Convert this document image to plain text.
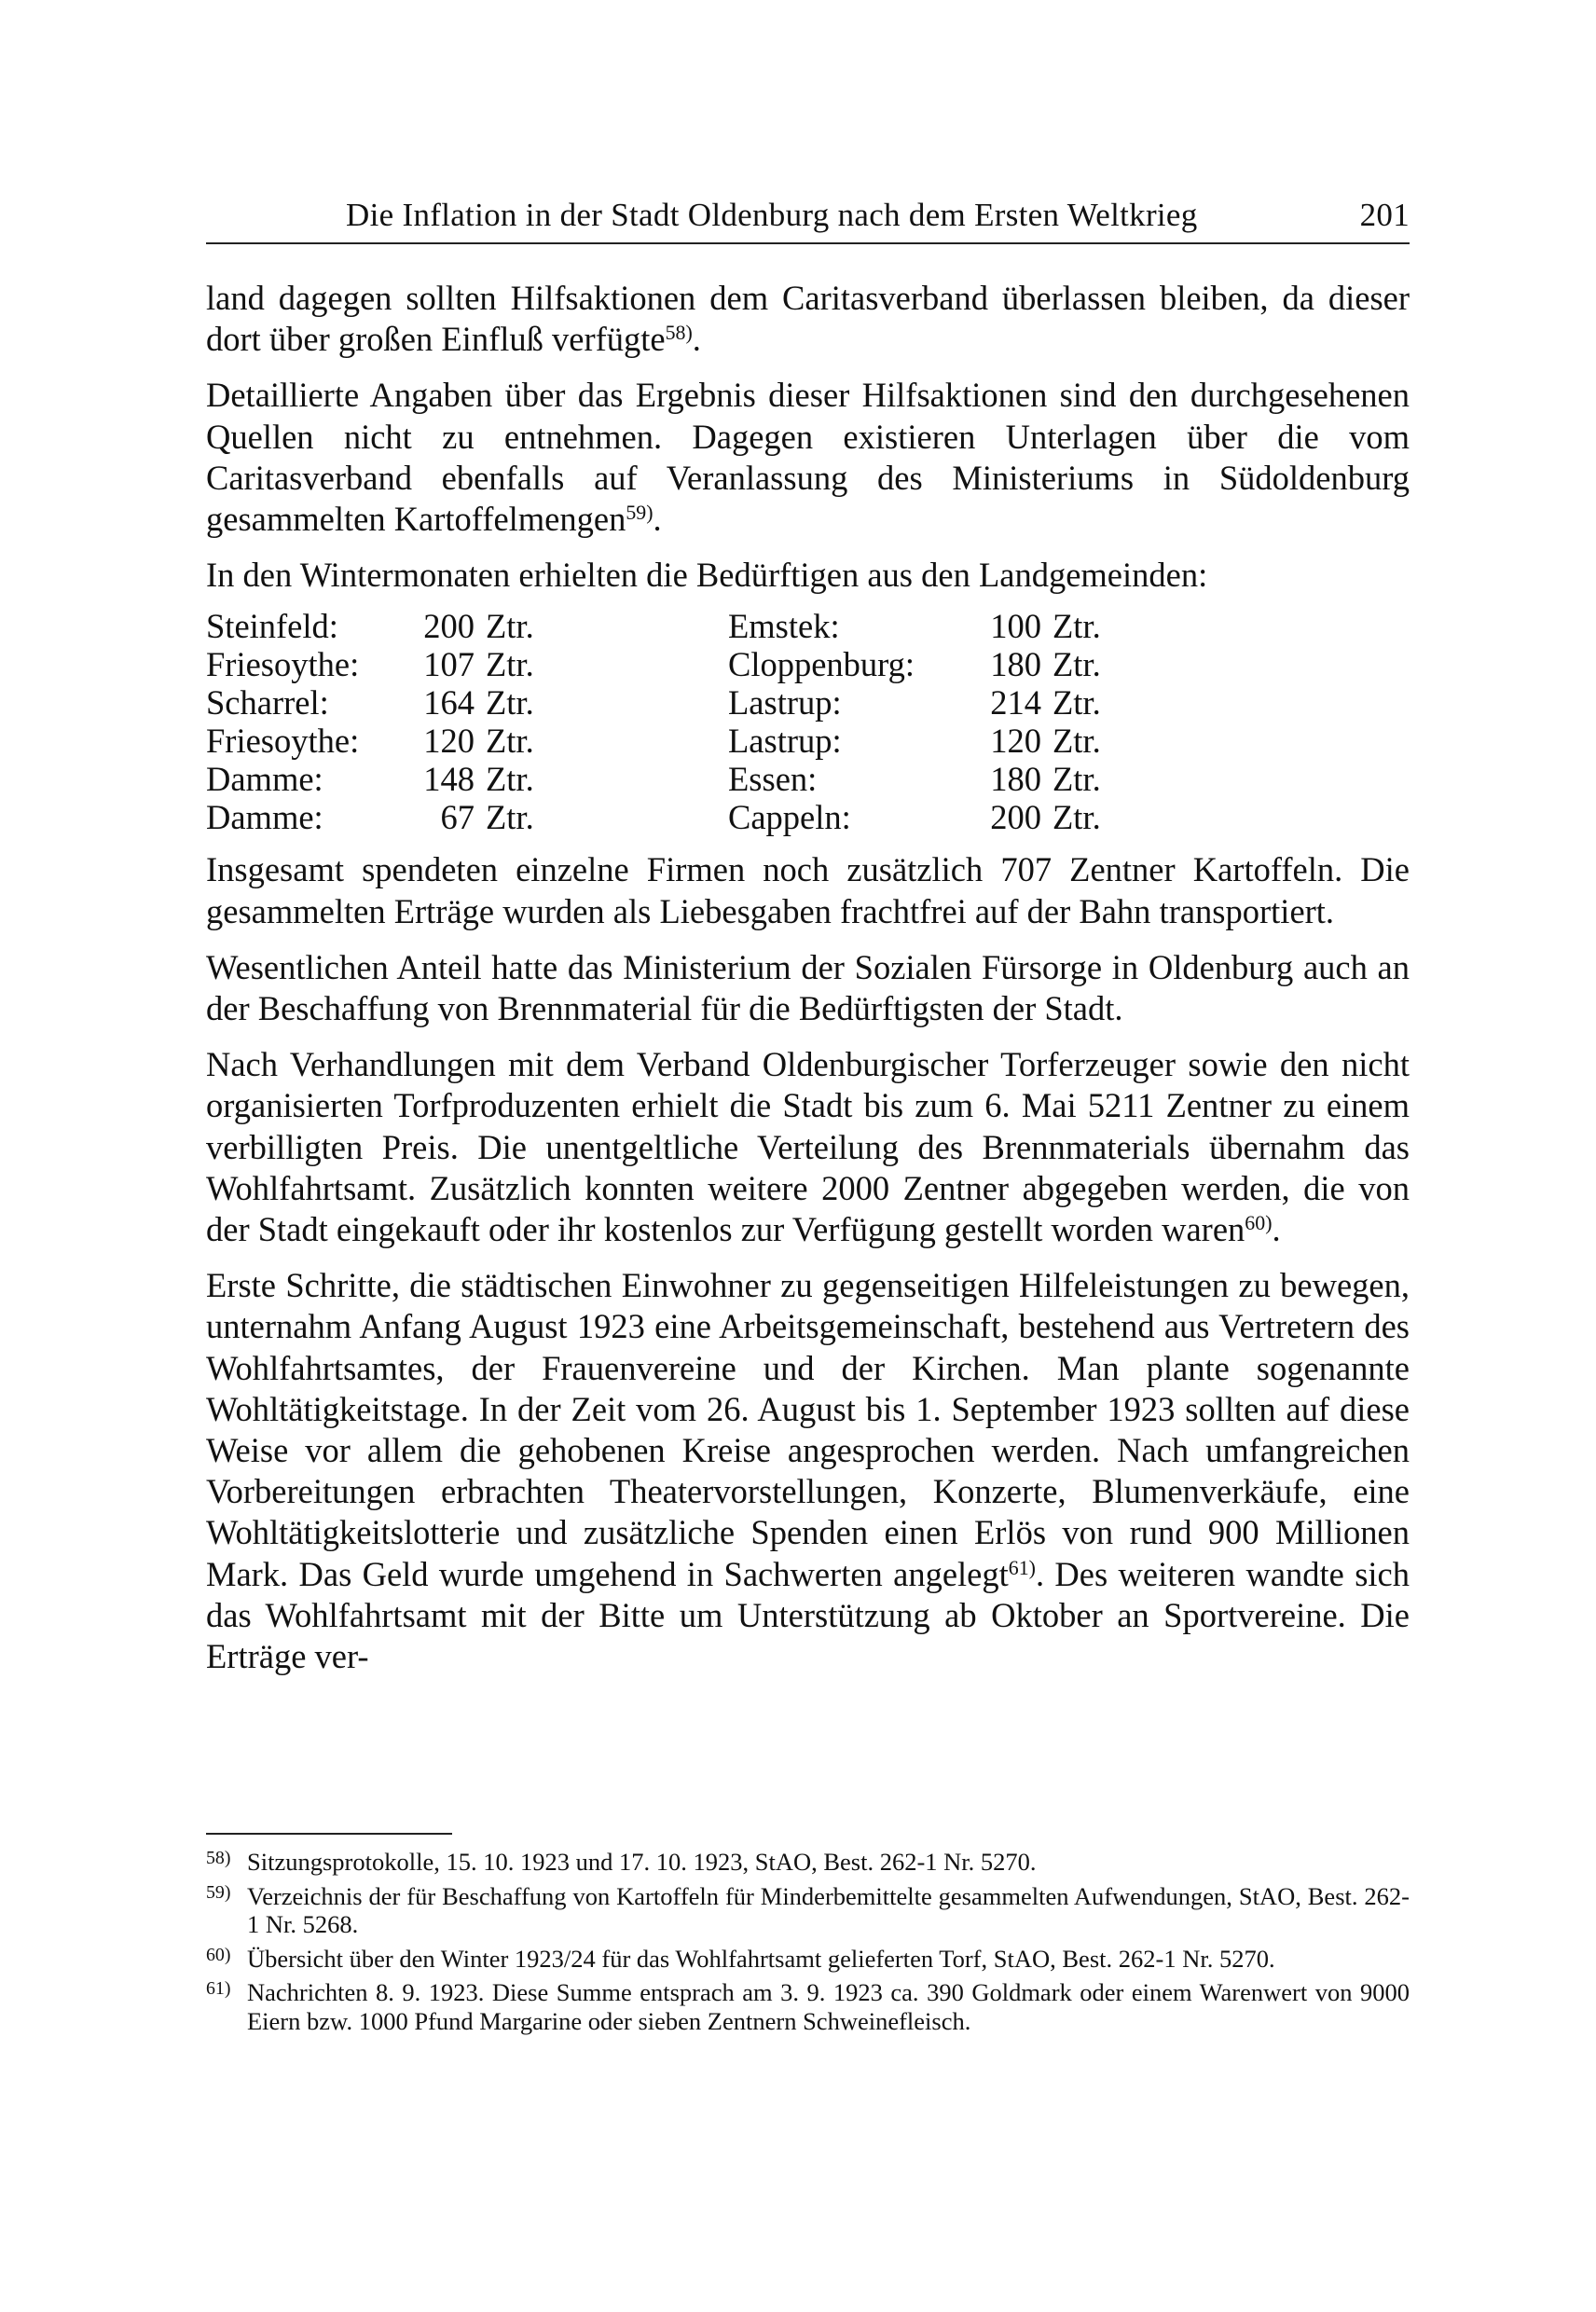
Die Inflation in der Stadt Oldenburg nach dem Ersten Weltkrieg	201

land dagegen sollten Hilfsaktionen dem Caritasverband überlassen bleiben, da dieser dort über großen Einfluß verfügte$^{58)}$.

Detaillierte Angaben über das Ergebnis dieser Hilfsaktionen sind den durchgesehenen Quellen nicht zu entnehmen. Dagegen existieren Unterlagen über die vom Caritasverband ebenfalls auf Veranlassung des Ministeriums in Südoldenburg gesammelten Kartoffelmengen$^{59)}$.

In den Wintermonaten erhielten die Bedürftigen aus den Landgemeinden:

Steinfeld:	200 Ztr.	Emstek:	100 Ztr.
Friesoythe:	107 Ztr.	Cloppenburg:	180 Ztr.
Scharrel:	164 Ztr.	Lastrup:	214 Ztr.
Friesoythe:	120 Ztr.	Lastrup:	120 Ztr.
Damme:	148 Ztr.	Essen:	180 Ztr.
Damme:	67 Ztr.	Cappeln:	200 Ztr.

Insgesamt spendeten einzelne Firmen noch zusätzlich 707 Zentner Kartoffeln. Die gesammelten Erträge wurden als Liebesgaben frachtfrei auf der Bahn transportiert.

Wesentlichen Anteil hatte das Ministerium der Sozialen Fürsorge in Oldenburg auch an der Beschaffung von Brennmaterial für die Bedürftigsten der Stadt.

Nach Verhandlungen mit dem Verband Oldenburgischer Torferzeuger sowie den nicht organisierten Torfproduzenten erhielt die Stadt bis zum 6. Mai 5211 Zentner zu einem verbilligten Preis. Die unentgeltliche Verteilung des Brennmaterials übernahm das Wohlfahrtsamt. Zusätzlich konnten weitere 2000 Zentner abgegeben werden, die von der Stadt eingekauft oder ihr kostenlos zur Verfügung gestellt worden waren$^{60)}$.

Erste Schritte, die städtischen Einwohner zu gegenseitigen Hilfeleistungen zu bewegen, unternahm Anfang August 1923 eine Arbeitsgemeinschaft, bestehend aus Vertretern des Wohlfahrtsamtes, der Frauenvereine und der Kirchen. Man plante sogenannte Wohltätigkeitstage. In der Zeit vom 26. August bis 1. September 1923 sollten auf diese Weise vor allem die gehobenen Kreise angesprochen werden. Nach umfangreichen Vorbereitungen erbrachten Theatervorstellungen, Konzerte, Blumenverkäufe, eine Wohltätigkeitslotterie und zusätzliche Spenden einen Erlös von rund 900 Millionen Mark. Das Geld wurde umgehend in Sachwerten angelegt$^{61)}$. Des weiteren wandte sich das Wohlfahrtsamt mit der Bitte um Unterstützung ab Oktober an Sportvereine. Die Erträge ver-

$^{58)}$ Sitzungsprotokolle, 15. 10. 1923 und 17. 10. 1923, StAO, Best. 262-1 Nr. 5270.
$^{59)}$ Verzeichnis der für Beschaffung von Kartoffeln für Minderbemittelte gesammelten Aufwendungen, StAO, Best. 262-1 Nr. 5268.
$^{60)}$ Übersicht über den Winter 1923/24 für das Wohlfahrtsamt gelieferten Torf, StAO, Best. 262-1 Nr. 5270.
$^{61)}$ Nachrichten 8. 9. 1923. Diese Summe entsprach am 3. 9. 1923 ca. 390 Goldmark oder einem Warenwert von 9000 Eiern bzw. 1000 Pfund Margarine oder sieben Zentnern Schweinefleisch.
